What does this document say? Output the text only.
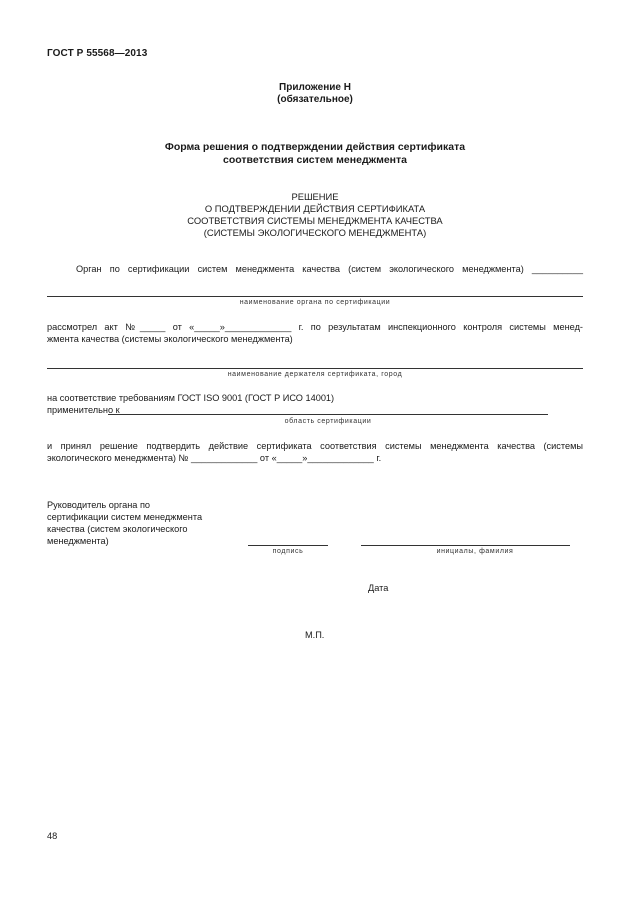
ГОСТ Р 55568—2013
Приложение Н
(обязательное)
Форма решения о подтверждении действия сертификата
соответствия систем менеджмента
РЕШЕНИЕ
О ПОДТВЕРЖДЕНИИ ДЕЙСТВИЯ СЕРТИФИКАТА
СООТВЕТСТВИЯ СИСТЕМЫ МЕНЕДЖМЕНТА КАЧЕСТВА
(СИСТЕМЫ ЭКОЛОГИЧЕСКОГО МЕНЕДЖМЕНТА)
Орган по сертификации систем менеджмента качества (систем экологического менеджмента) __________
наименование органа по сертификации
рассмотрел акт №_____ от «_____»_____________ г. по результатам инспекционного контроля системы менед-
жмента качества (системы экологического менеджмента)
наименование держателя сертификата, город
на соответствие требованиям ГОСТ ISO 9001 (ГОСТ Р ИСО 14001)
применительно к
область сертификации
и принял решение подтвердить действие сертификата соответствия системы менеджмента качества (системы
экологического менеджмента) № _____________ от «_____»_____________ г.
Руководитель органа по
сертификации систем менеджмента
качества (систем экологического
менеджмента)
подпись	инициалы, фамилия
Дата
М.П.
48
